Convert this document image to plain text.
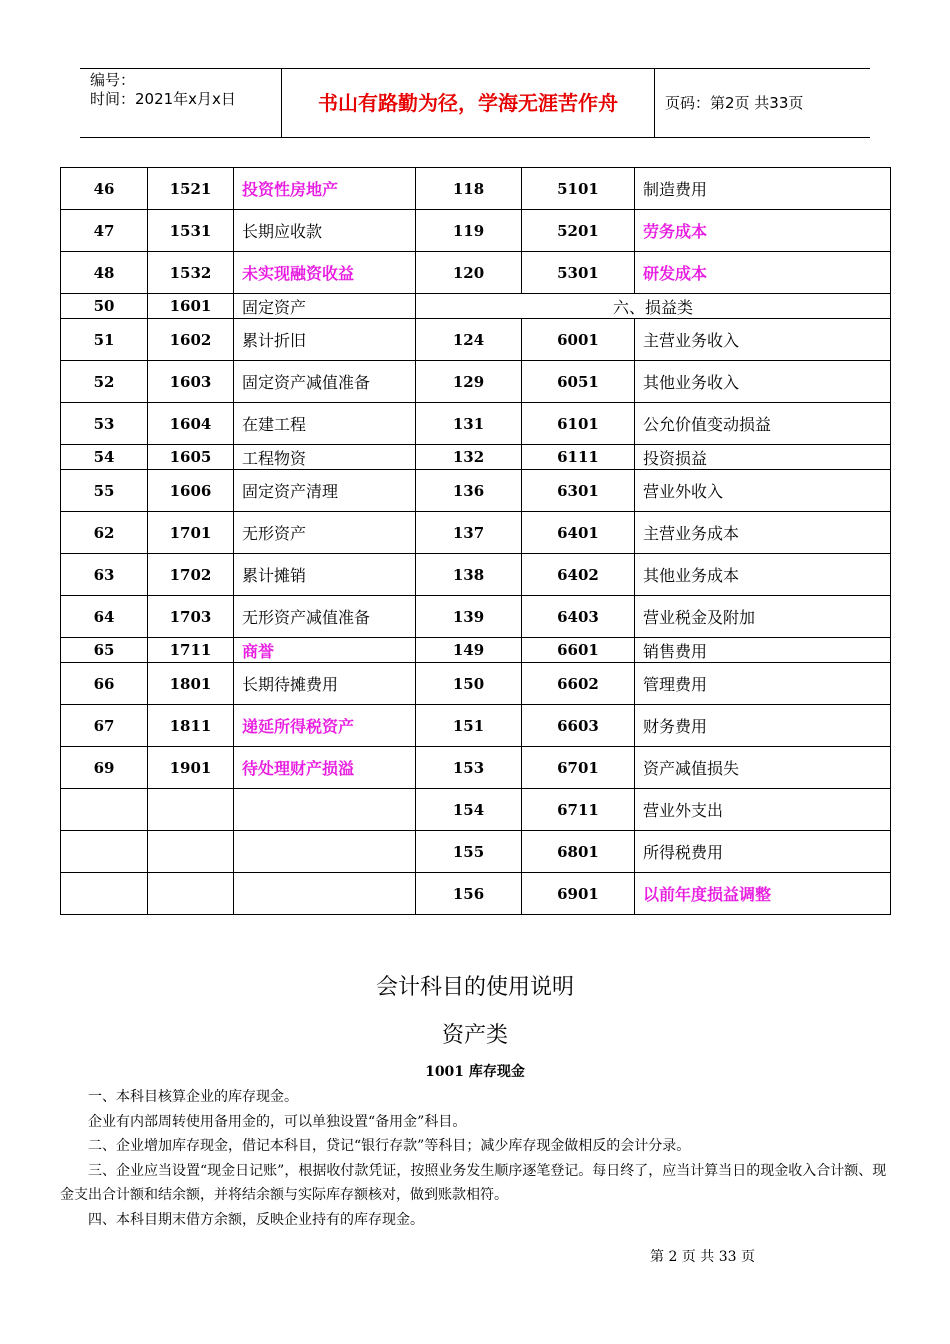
编号：
时间：2021年x月x日	书山有路勤为径，学海无涯苦作舟	页码：第2页 共33页
46	1521	投资性房地产	118	5101	制造费用
47	1531	长期应收款	119	5201	劳务成本
48	1532	未实现融资收益	120	5301	研发成本
50	1601	固定资产	六、损益类		
51	1602	累计折旧	124	6001	主营业务收入
52	1603	固定资产减值准备	129	6051	其他业务收入
53	1604	在建工程	131	6101	公允价值变动损益
54	1605	工程物资	132	6111	投资损益
55	1606	固定资产清理	136	6301	营业外收入
62	1701	无形资产	137	6401	主营业务成本
63	1702	累计摊销	138	6402	其他业务成本
64	1703	无形资产减值准备	139	6403	营业税金及附加
65	1711	商誉	149	6601	销售费用
66	1801	长期待摊费用	150	6602	管理费用
67	1811	递延所得税资产	151	6603	财务费用
69	1901	待处理财产损溢	153	6701	资产减值损失
			154	6711	营业外支出
			155	6801	所得税费用
			156	6901	以前年度损益调整
会计科目的使用说明
资产类
1001 库存现金

一、本科目核算企业的库存现金。

企业有内部周转使用备用金的，可以单独设置“备用金”科目。

二、企业增加库存现金，借记本科目，贷记“银行存款”等科目；减少库存现金做相反的会计分录。

三、企业应当设置“现金日记账”，根据收付款凭证，按照业务发生顺序逐笔登记。每日终了，应当计算当日的现金收入合计额、现金支出合计额和结余额，并将结余额与实际库存额核对，做到账款相符。

四、本科目期末借方余额，反映企业持有的库存现金。

第 2 页 共 33 页
